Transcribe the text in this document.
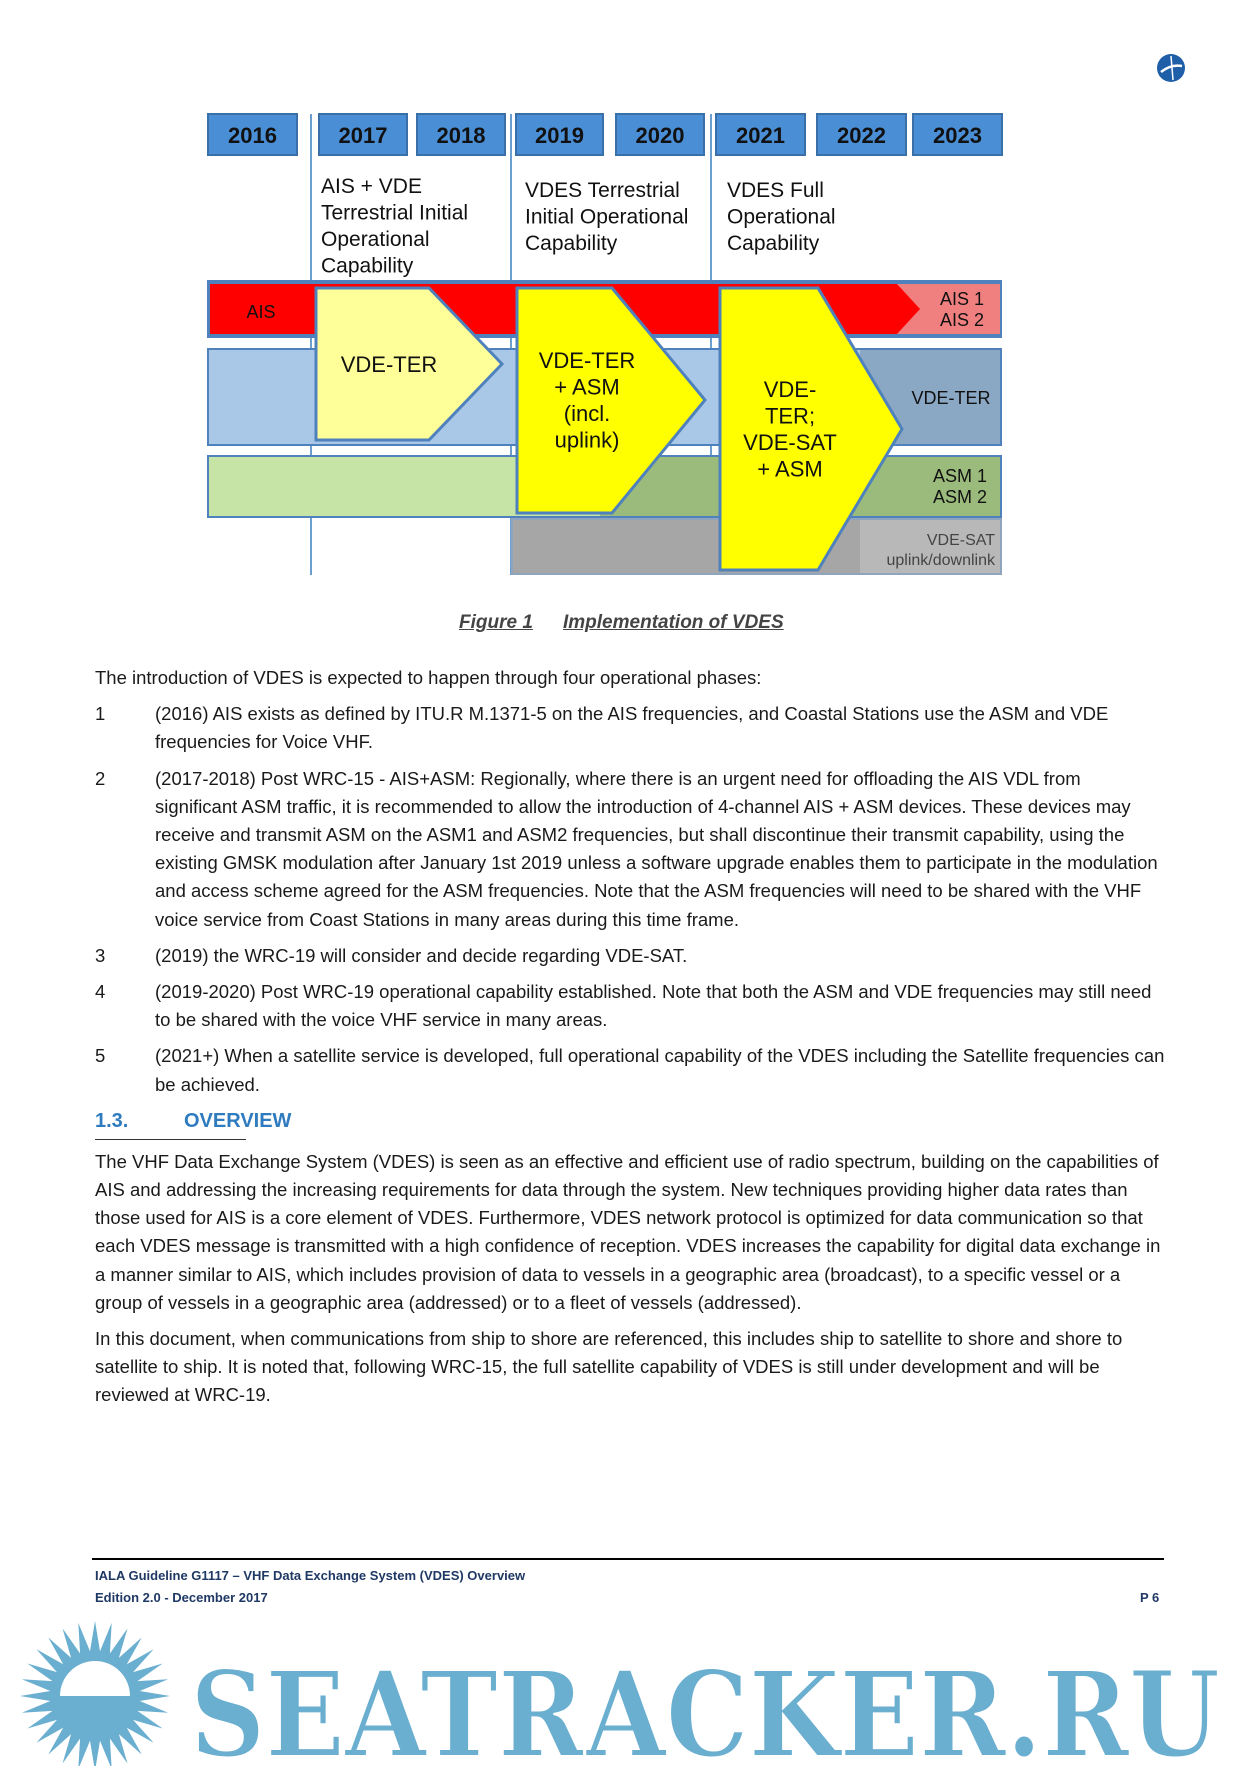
2016	2017 2018 2019 2020 2021 2022 2023
AIS + VDE
Terrestrial Initial
Operational
Capability
VDES Terrestrial
Initial Operational
Capability
VDES Full
Operational
Capability
AIS
AIS 1
AIS 2
VDE-TER	VDE-TER
+ ASM
(incl.
uplink)
VDE-
TER;
VDE-SAT
+ ASM
VDE-TER
ASM 1
ASM 2
VDE-SAT
uplink/downlink
Figure 1 Implementation of VDES
The introduction of VDES is expected to happen through four operational phases:
1	(2016) AIS exists as defined by ITU.R M.1371-5 on the AIS frequencies, and Coastal Stations use the ASM and VDE frequencies for Voice VHF.
2	(2017-2018) Post WRC-15 - AIS+ASM: Regionally, where there is an urgent need for offloading the AIS VDL from significant ASM traffic, it is recommended to allow the introduction of 4-channel AIS + ASM devices. These devices may receive and transmit ASM on the ASM1 and ASM2 frequencies, but shall discontinue their transmit capability, using the existing GMSK modulation after January 1st 2019 unless a software upgrade enables them to participate in the modulation and access scheme agreed for the ASM frequencies. Note that the ASM frequencies will need to be shared with the VHF voice service from Coast Stations in many areas during this time frame.
3	(2019) the WRC-19 will consider and decide regarding VDE-SAT.
4	(2019-2020) Post WRC-19 operational capability established. Note that both the ASM and VDE frequencies may still need to be shared with the voice VHF service in many areas.
5	(2021+) When a satellite service is developed, full operational capability of the VDES including the Satellite frequencies can be achieved.
1.3.	OVERVIEW
The VHF Data Exchange System (VDES) is seen as an effective and efficient use of radio spectrum, building on the capabilities of AIS and addressing the increasing requirements for data through the system. New techniques providing higher data rates than those used for AIS is a core element of VDES. Furthermore, VDES network protocol is optimized for data communication so that each VDES message is transmitted with a high confidence of reception. VDES increases the capability for digital data exchange in a manner similar to AIS, which includes provision of data to vessels in a geographic area (broadcast), to a specific vessel or a group of vessels in a geographic area (addressed) or to a fleet of vessels (addressed).
In this document, when communications from ship to shore are referenced, this includes ship to satellite to shore and shore to satellite to ship. It is noted that, following WRC-15, the full satellite capability of VDES is still under development and will be reviewed at WRC-19.
IALA Guideline G1117 – VHF Data Exchange System (VDES) Overview
Edition 2.0 - December 2017	P 6
SEATRACKER.RU
